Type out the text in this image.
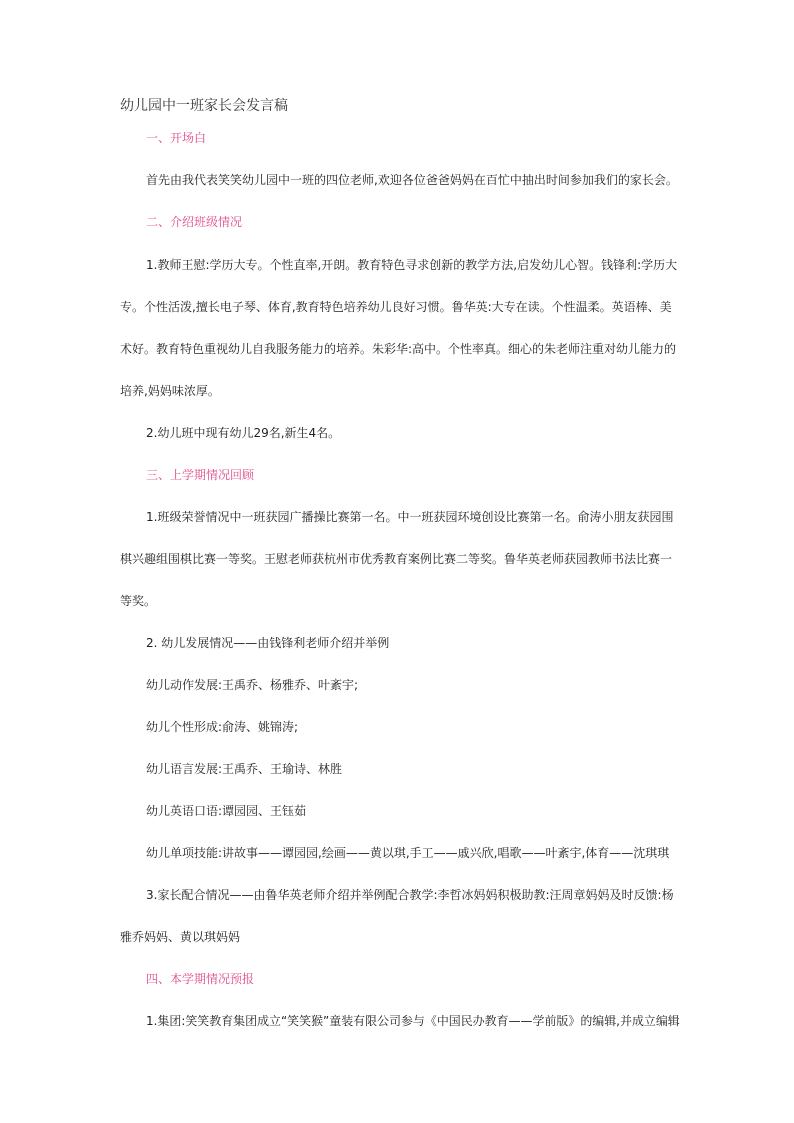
幼儿园中一班家长会发言稿
一、开场白
首先由我代表笑笑幼儿园中一班的四位老师,欢迎各位爸爸妈妈在百忙中抽出时间参加我们的家长会。
二、介绍班级情况
1.教师王慰:学历大专。个性直率,开朗。教育特色寻求创新的教学方法,启发幼儿心智。钱锋利:学历大
专。个性活泼,擅长电子琴、体育,教育特色培养幼儿良好习惯。鲁华英:大专在读。个性温柔。英语棒、美
术好。教育特色重视幼儿自我服务能力的培养。朱彩华:高中。个性率真。细心的朱老师注重对幼儿能力的
培养,妈妈味浓厚。
2.幼儿班中现有幼儿29名,新生4名。
三、上学期情况回顾
1.班级荣誉情况中一班获园广播操比赛第一名。中一班获园环境创设比赛第一名。俞涛小朋友获园围
棋兴趣组围棋比赛一等奖。王慰老师获杭州市优秀教育案例比赛二等奖。鲁华英老师获园教师书法比赛一
等奖。
2. 幼儿发展情况——由钱锋利老师介绍并举例
幼儿动作发展:王禹乔、杨雅乔、叶紊宇;
幼儿个性形成:俞涛、姚锦涛;
幼儿语言发展:王禹乔、王瑜诗、林胜
幼儿英语口语:谭园园、王钰茹
幼儿单项技能:讲故事——谭园园,绘画——黄以琪,手工——戚兴欣,唱歌——叶紊宇,体育——沈琪琪
3.家长配合情况——由鲁华英老师介绍并举例配合教学:李哲冰妈妈积极助教:汪周章妈妈及时反馈:杨
雅乔妈妈、黄以琪妈妈
四、本学期情况预报
1.集团:笑笑教育集团成立“笑笑猴”童装有限公司参与《中国民办教育——学前版》的编辑,并成立编辑
